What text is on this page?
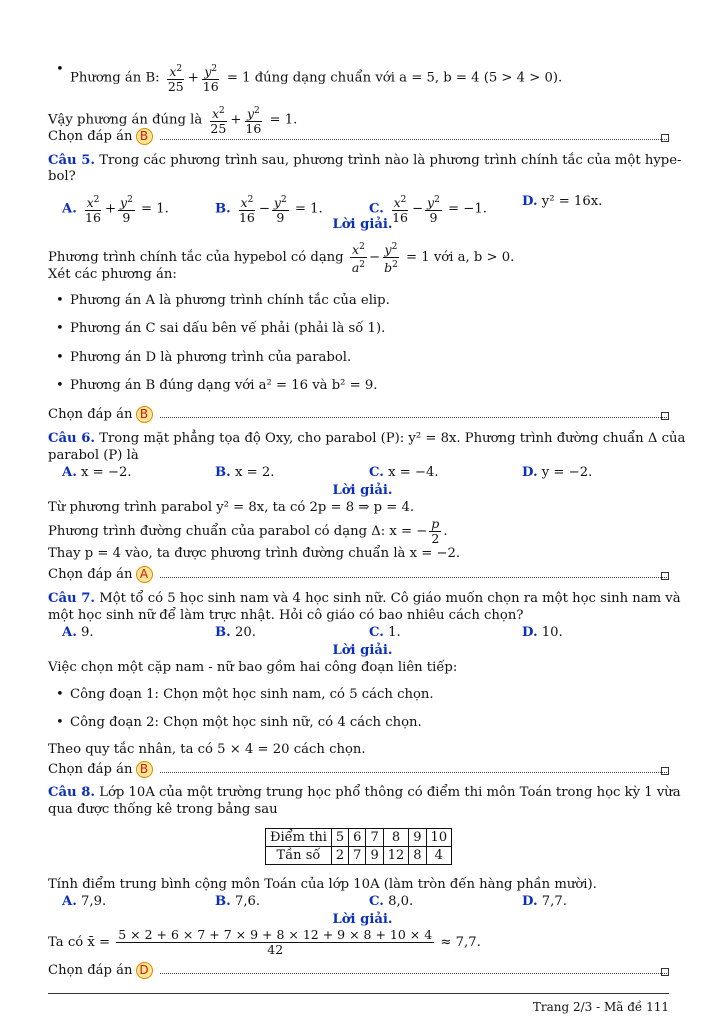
• Phương án B: $\frac{x^2}{25} + \frac{y^2}{16} = 1$ đúng dạng chuẩn với a = 5, b = 4 (5 > 4 > 0).
Vậy phương án đúng là $\frac{x^2}{25} + \frac{y^2}{16} = 1$.
Chọn đáp án B
Câu 5. Trong các phương trình sau, phương trình nào là phương trình chính tắc của một hype-
bol?
A. $\frac{x^2}{16} + \frac{y^2}{9} = 1$.	B. $\frac{x^2}{16} - \frac{y^2}{9} = 1$.	C. $\frac{x^2}{16} - \frac{y^2}{9} = -1$.
D. y² = 16x.
Lời giải.
Phương trình chính tắc của hypebol có dạng $\frac{x^2}{a^2} - \frac{y^2}{b^2} = 1$ với a, b > 0.
Xét các phương án:
• Phương án A là phương trình chính tắc của elip.
• Phương án C sai dấu bên vế phải (phải là số 1).
• Phương án D là phương trình của parabol.
• Phương án B đúng dạng với a² = 16 và b² = 9.
Chọn đáp án B
Câu 6. Trong mặt phẳng tọa độ Oxy, cho parabol (P): y² = 8x. Phương trình đường chuẩn Δ của
parabol (P) là
A. x = −2.	B. x = 2.	C. x = −4.	D. y = −2.
Lời giải.
Từ phương trình parabol y² = 8x, ta có 2p = 8 ⇒ p = 4.
Phương trình đường chuẩn của parabol có dạng Δ: x = − $\frac{p}{2}$ .
Thay p = 4 vào, ta được phương trình đường chuẩn là x = −2.
Chọn đáp án A
Câu 7. Một tổ có 5 học sinh nam và 4 học sinh nữ. Cô giáo muốn chọn ra một học sinh nam và
một học sinh nữ để làm trực nhật. Hỏi cô giáo có bao nhiêu cách chọn?
A. 9.	B. 20.	C. 1.	D. 10.
Lời giải.
Việc chọn một cặp nam - nữ bao gồm hai công đoạn liên tiếp:
• Công đoạn 1: Chọn một học sinh nam, có 5 cách chọn.
• Công đoạn 2: Chọn một học sinh nữ, có 4 cách chọn.
Theo quy tắc nhân, ta có 5 × 4 = 20 cách chọn.
Chọn đáp án B
Câu 8. Lớp 10A của một trường trung học phổ thông có điểm thi môn Toán trong học kỳ 1 vừa
qua được thống kê trong bảng sau
Điểm thi	5	6	7	8	9	10
Tần số	2	7	9	12	8	4
Tính điểm trung bình cộng môn Toán của lớp 10A (làm tròn đến hàng phần mười).
A. 7,9.	B. 7,6.	C. 8,0.	D. 7,7.
Lời giải.
Ta có x̄ = $\frac{5 \times 2 + 6 \times 7 + 7 \times 9 + 8 \times 12 + 9 \times 8 + 10 \times 4}{42} \approx 7,7$.
Chọn đáp án D
Trang 2/3 - Mã đề 111
